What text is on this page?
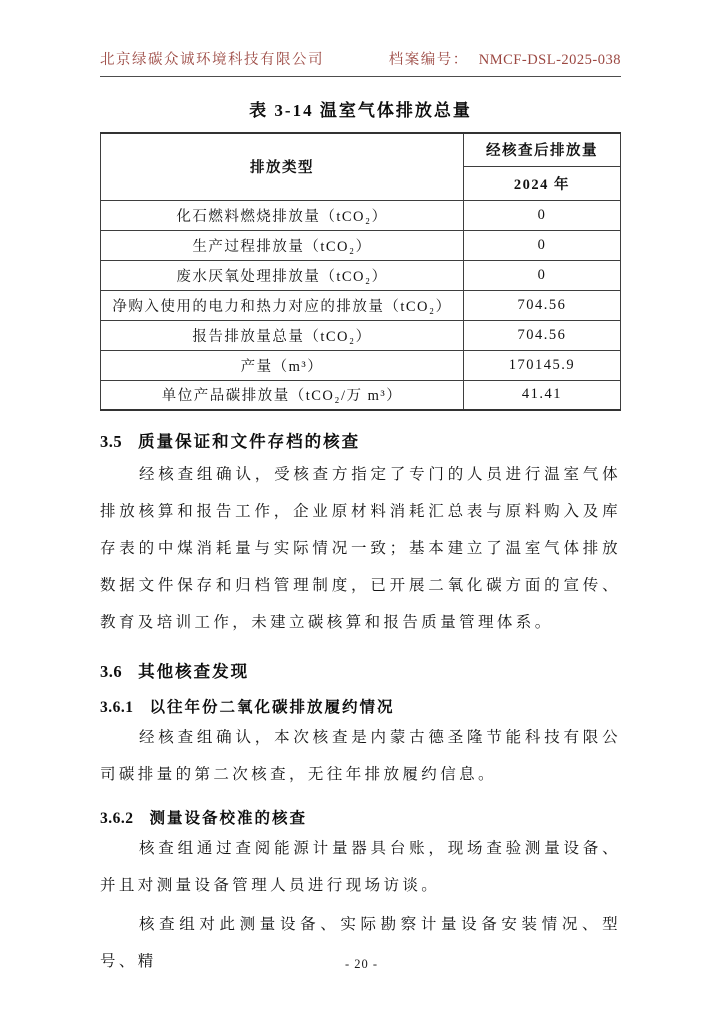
北京绿碳众诚环境科技有限公司	档案编号： NMCF-DSL-2025-038
表 3-14 温室气体排放总量
排放类型	经核查后排放量
	2024 年
化石燃料燃烧排放量（tCO₂）	0
生产过程排放量（tCO₂）	0
废水厌氧处理排放量（tCO₂）	0
净购入使用的电力和热力对应的排放量（tCO₂）	704.56
报告排放量总量（tCO₂）	704.56
产量（m³）	170145.9
单位产品碳排放量（tCO₂/万 m³）	41.41
3.5 质量保证和文件存档的核查

经核查组确认，受核查方指定了专门的人员进行温室气体排放核算和报告工作，企业原材料消耗汇总表与原料购入及库存表的中煤消耗量与实际情况一致；基本建立了温室气体排放数据文件保存和归档管理制度，已开展二氧化碳方面的宣传、教育及培训工作，未建立碳核算和报告质量管理体系。

3.6 其他核查发现
3.6.1 以往年份二氧化碳排放履约情况

经核查组确认，本次核查是内蒙古德圣隆节能科技有限公司碳排量的第二次核查，无往年排放履约信息。

3.6.2 测量设备校准的核查

核查组通过查阅能源计量器具台账，现场查验测量设备、并且对测量设备管理人员进行现场访谈。

核查组对此测量设备、实际勘察计量设备安装情况、型号、精	- 20 -
